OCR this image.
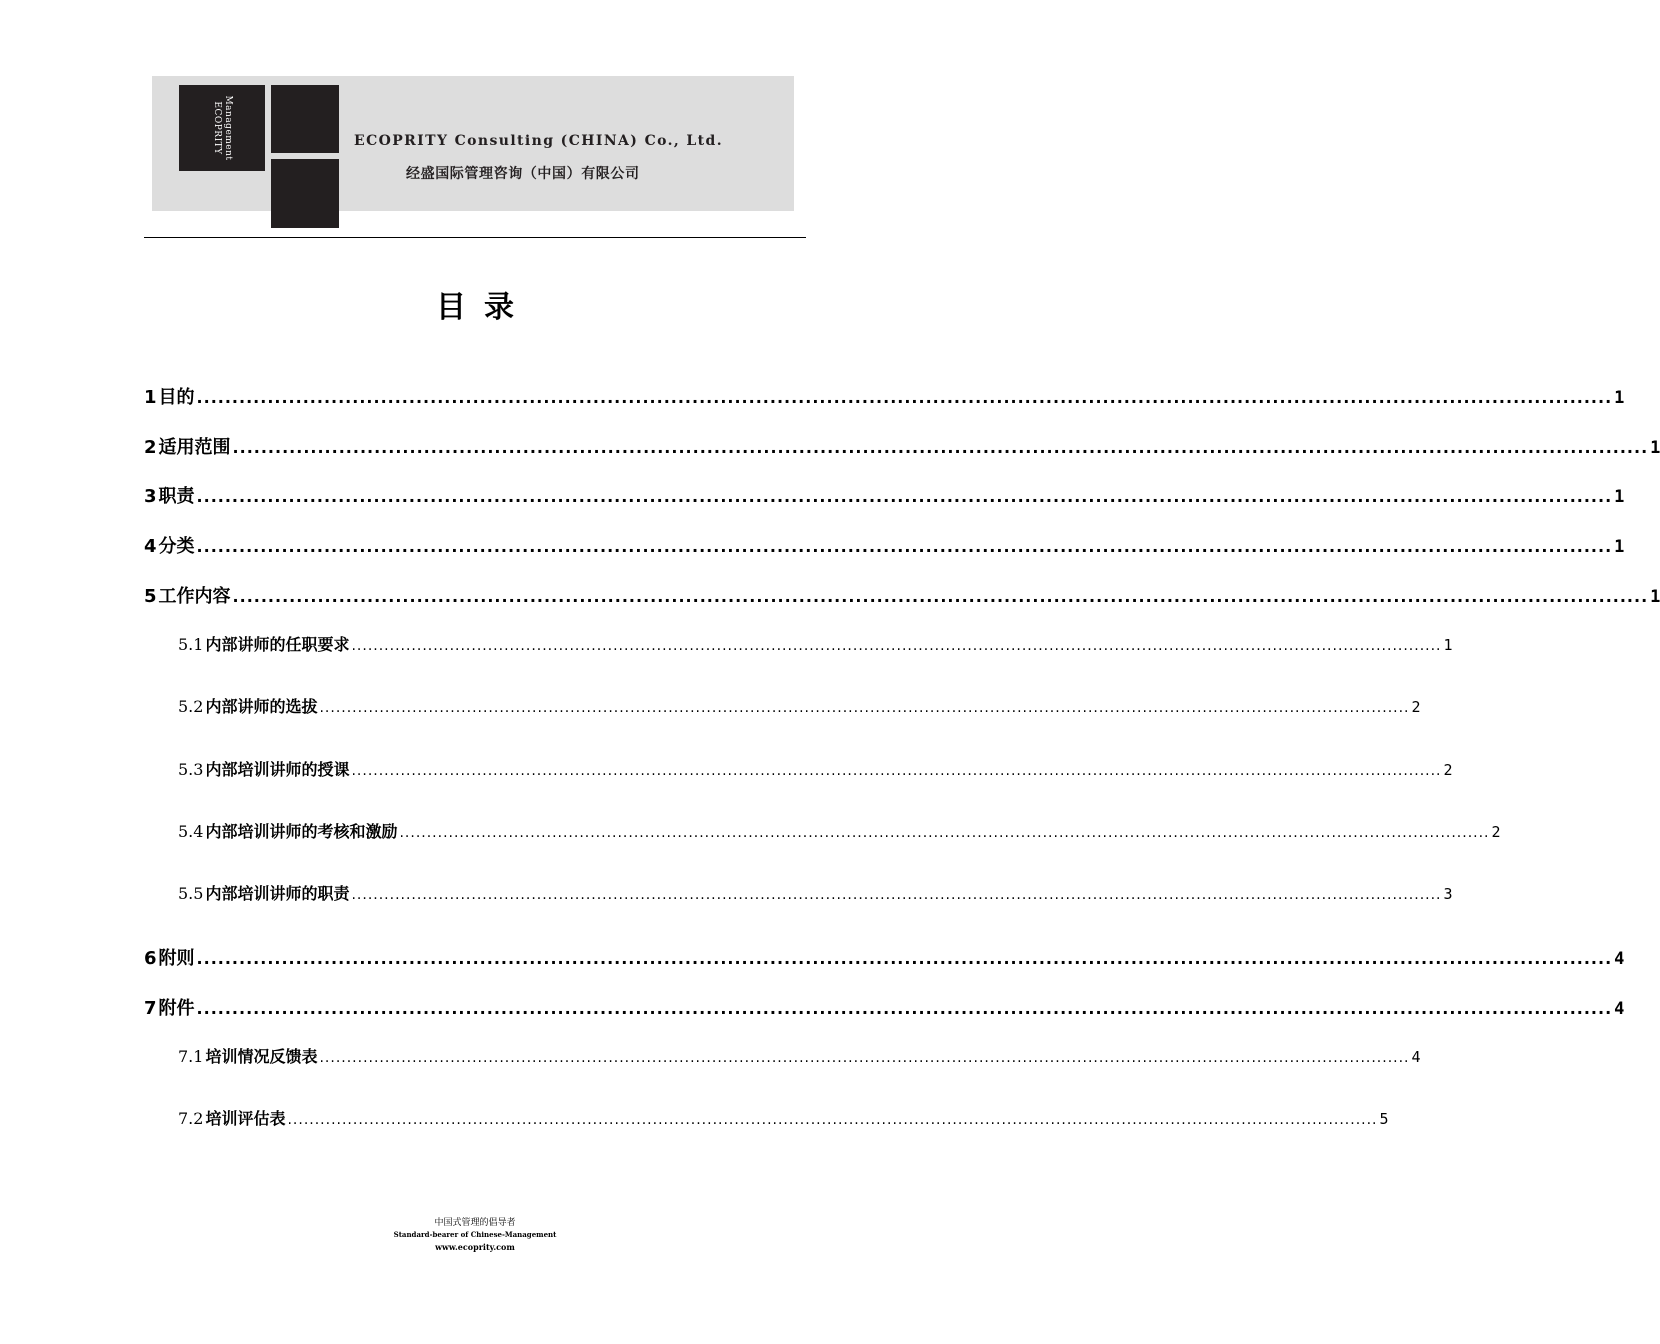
Management
ECOPRITY	ECOPRITY Consulting (CHINA) Co., Ltd.
经盛国际管理咨询（中国）有限公司
目录
1 目的 ........................................................................................................................................................................................................ 1
2 适用范围 ........................................................................................................................................................................................................ 1
3 职责 ........................................................................................................................................................................................................ 1
4 分类 ........................................................................................................................................................................................................ 1
5 工作内容 ........................................................................................................................................................................................................ 1
5.1 内部讲师的任职要求 ........................................................................................................................................................................................................ 1
5.2 内部讲师的选拔 ........................................................................................................................................................................................................ 2
5.3 内部培训讲师的授课 ........................................................................................................................................................................................................ 2
5.4 内部培训讲师的考核和激励 ........................................................................................................................................................................................................ 2
5.5 内部培训讲师的职责 ........................................................................................................................................................................................................ 3
6 附则 ........................................................................................................................................................................................................ 4
7 附件 ........................................................................................................................................................................................................ 4
7.1 培训情况反馈表 ........................................................................................................................................................................................................ 4
7.2 培训评估表 ........................................................................................................................................................................................................ 5
中国式管理的倡导者
Standard-bearer of Chinese-Management
www.ecoprity.com
